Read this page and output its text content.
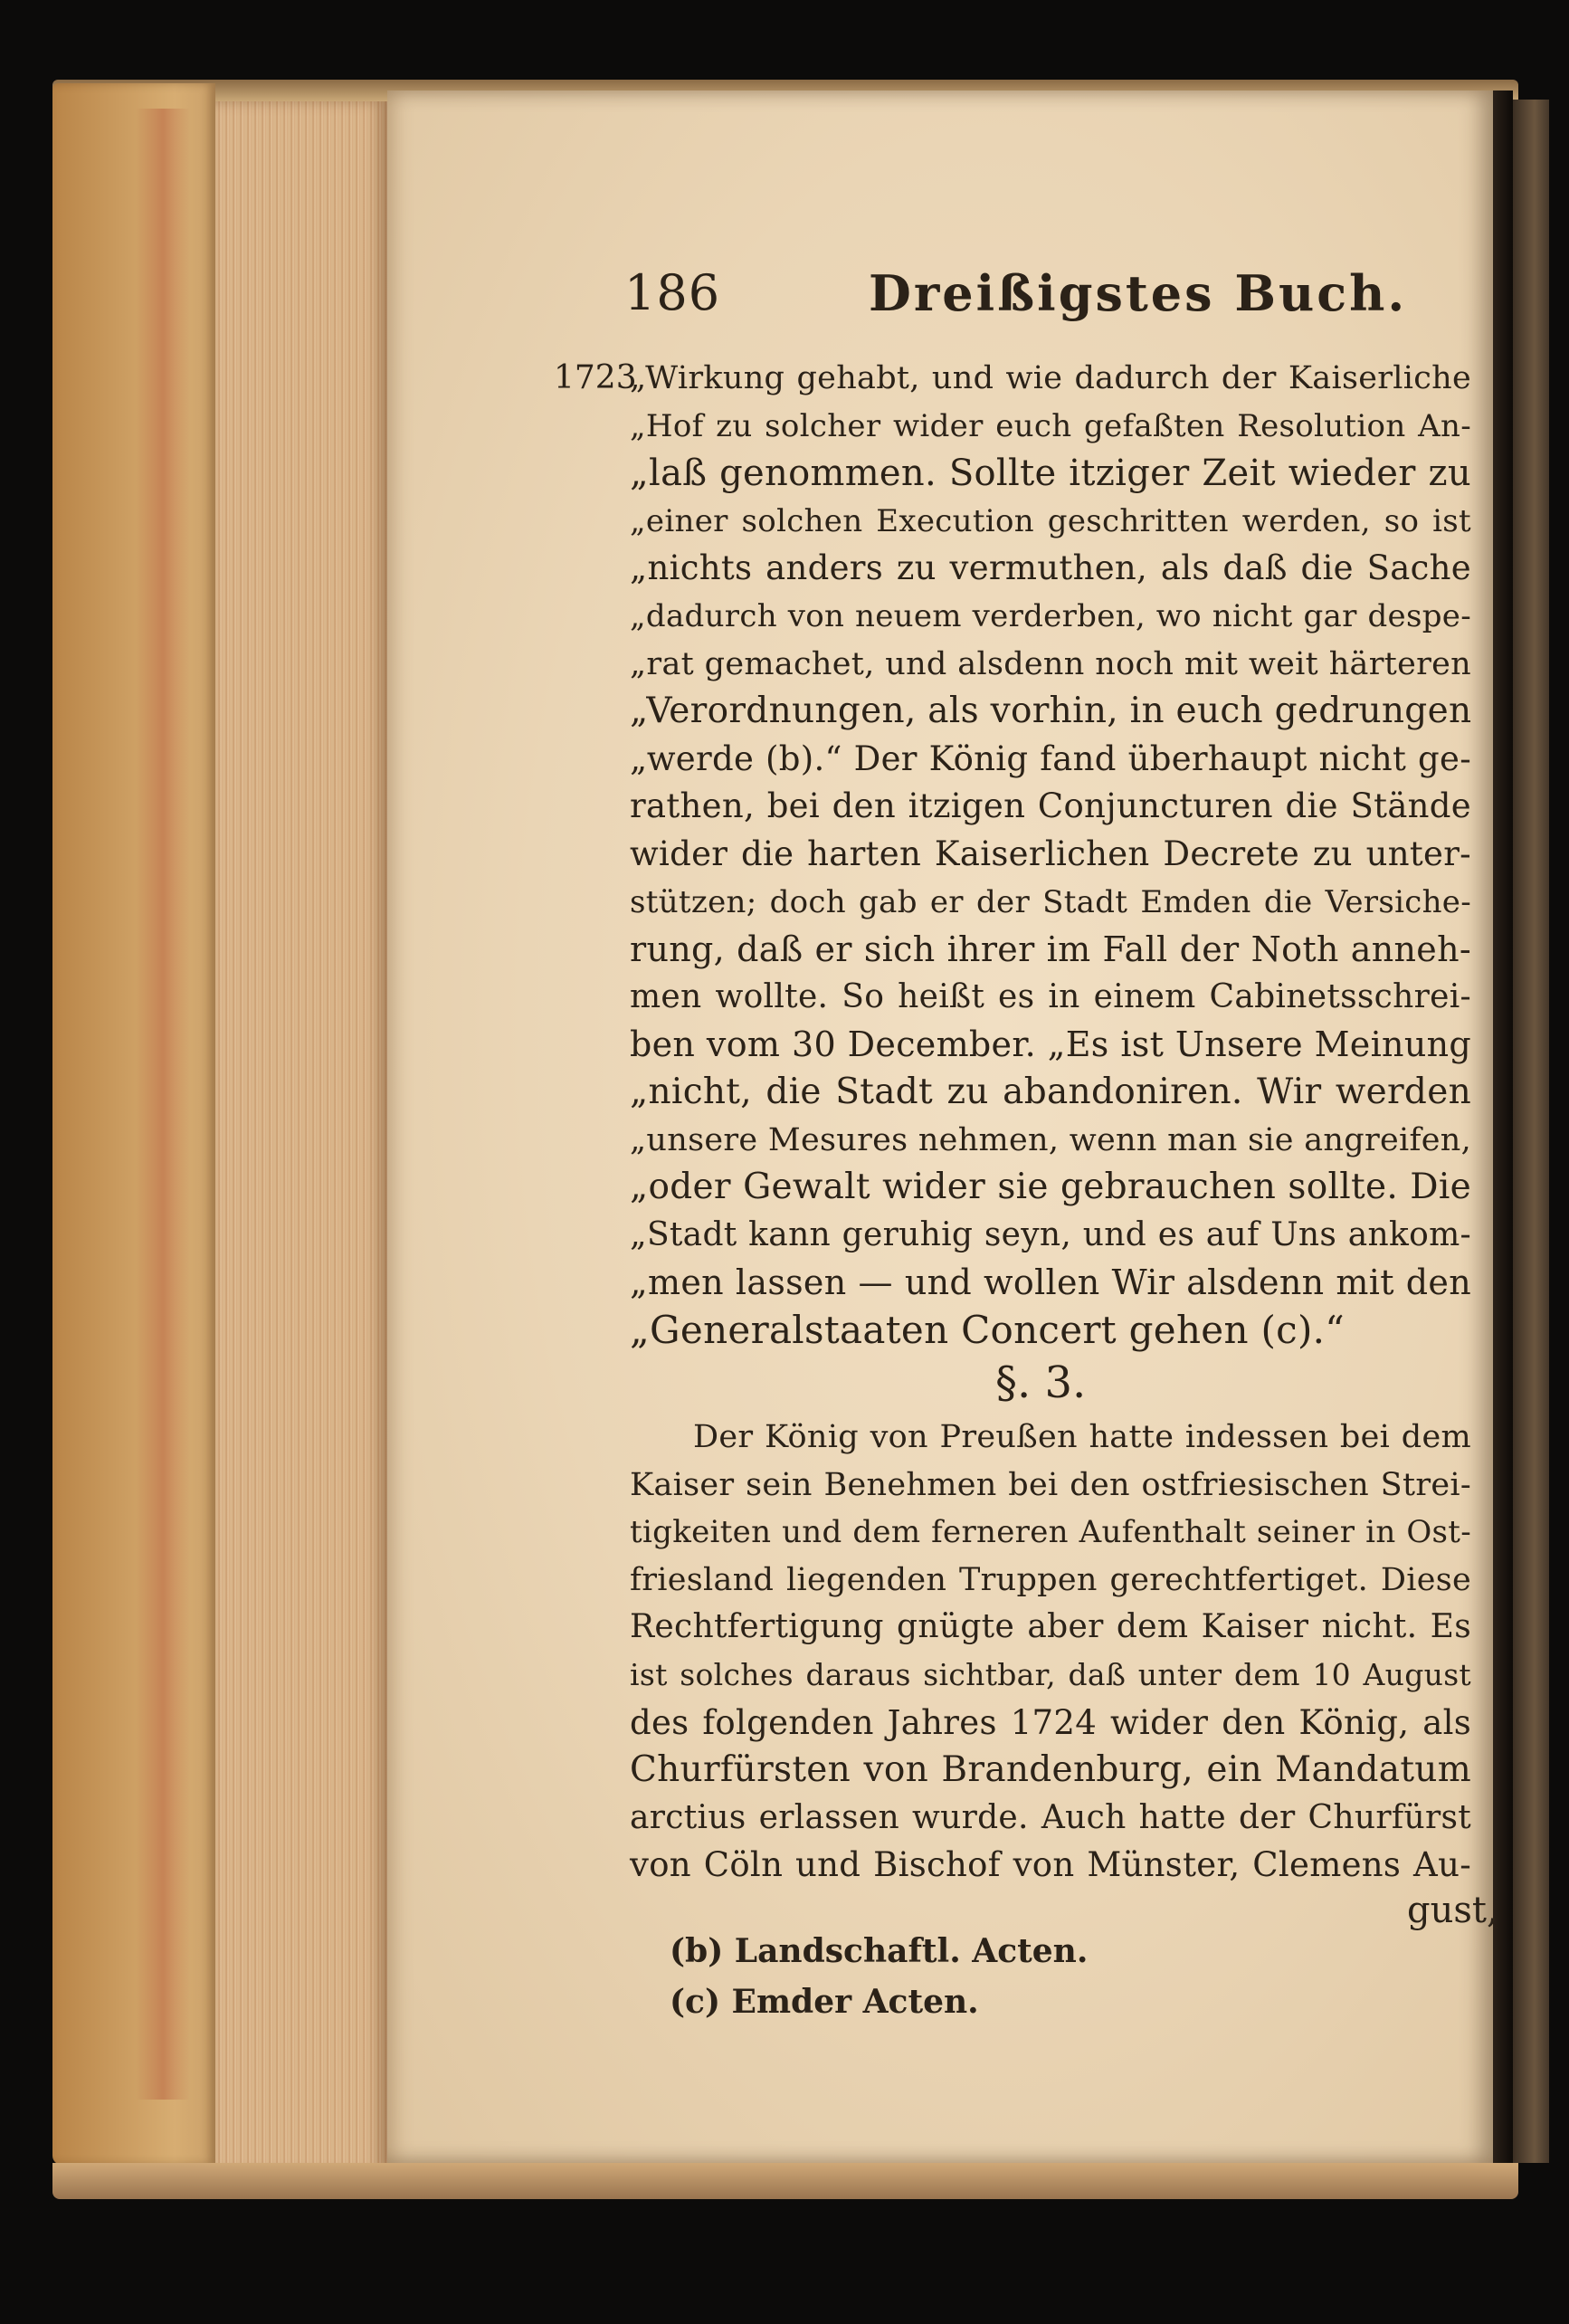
186	Dreißigstes Buch.
1723
„Wirkung gehabt, und wie dadurch der Kaiserliche
„Hof zu solcher wider euch gefaßten Resolution An-
„laß genommen. Sollte itziger Zeit wieder zu
„einer solchen Execution geschritten werden, so ist
„nichts anders zu vermuthen, als daß die Sache
„dadurch von neuem verderben, wo nicht gar despe-
„rat gemachet, und alsdenn noch mit weit härteren
„Verordnungen, als vorhin, in euch gedrungen
„werde (b).“ Der König fand überhaupt nicht ge-
rathen, bei den itzigen Conjuncturen die Stände
wider die harten Kaiserlichen Decrete zu unter-
stützen; doch gab er der Stadt Emden die Versiche-
rung, daß er sich ihrer im Fall der Noth anneh-
men wollte. So heißt es in einem Cabinetsschrei-
ben vom 30 December. „Es ist Unsere Meinung
„nicht, die Stadt zu abandoniren. Wir werden
„unsere Mesures nehmen, wenn man sie angreifen,
„oder Gewalt wider sie gebrauchen sollte. Die
„Stadt kann geruhig seyn, und es auf Uns ankom-
„men lassen — und wollen Wir alsdenn mit den
„Generalstaaten Concert gehen (c).“
§. 3.
Der König von Preußen hatte indessen bei dem
Kaiser sein Benehmen bei den ostfriesischen Strei-
tigkeiten und dem ferneren Aufenthalt seiner in Ost-
friesland liegenden Truppen gerechtfertiget. Diese
Rechtfertigung gnügte aber dem Kaiser nicht. Es
ist solches daraus sichtbar, daß unter dem 10 August
des folgenden Jahres 1724 wider den König, als
Churfürsten von Brandenburg, ein Mandatum
arctius erlassen wurde. Auch hatte der Churfürst
von Cöln und Bischof von Münster, Clemens Au-
gust,
(b) Landschaftl. Acten.
(c) Emder Acten.
